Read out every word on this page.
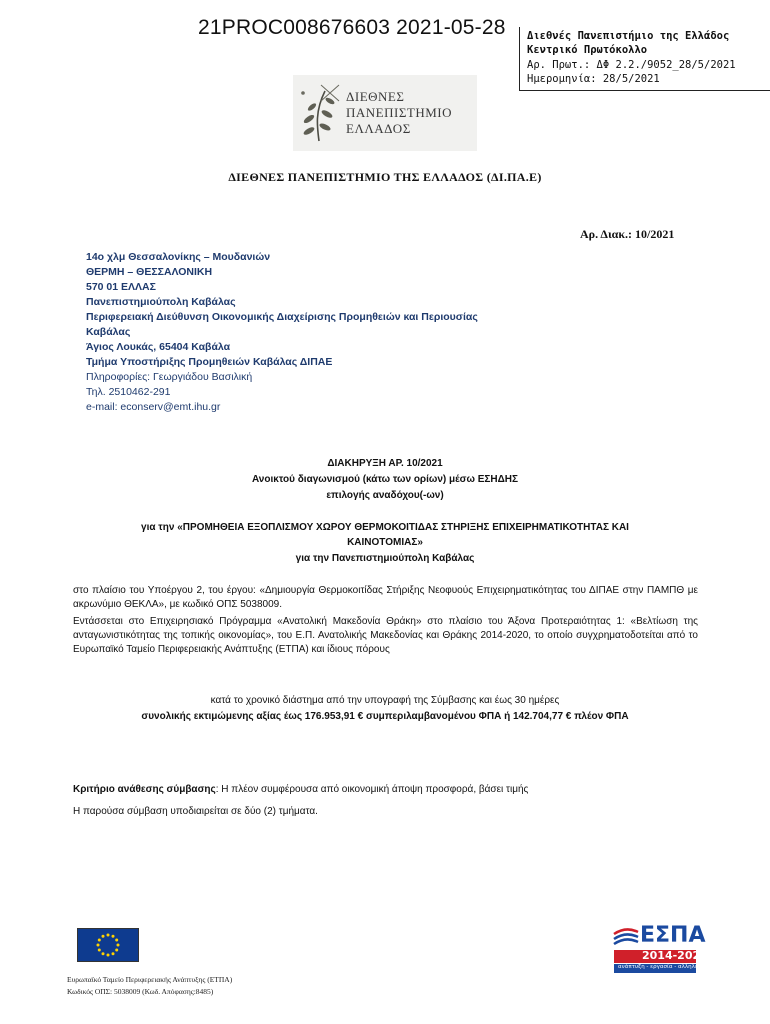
21PROC008676603 2021-05-28 Διεθνές Πανεπιστήμιο της Ελλάδος
Κεντρικό Πρωτόκολλο
Αρ. Πρωτ.: ΔΦ 2.2./9052_28/5/2021
Ημερομηνία: 28/5/2021
ΔΙΕΘΝΕΣ
ΠΑΝΕΠΙΣΤΗΜΙΟ
ΕΛΛΑΔΟΣ
ΔΙΕΘΝΕΣ ΠΑΝΕΠΙΣΤΗΜΙΟ ΤΗΣ ΕΛΛΑΔΟΣ (ΔΙ.ΠΑ.Ε)
Αρ. Διακ.: 10/2021
14ο χλμ Θεσσαλονίκης – Μουδανιών
ΘΕΡΜΗ – ΘΕΣΣΑΛΟΝΙΚΗ
570 01 ΕΛΛΑΣ
Πανεπιστημιούπολη Καβάλας
Περιφερειακή Διεύθυνση Οικονομικής Διαχείρισης Προμηθειών και Περιουσίας
Καβάλας
Άγιος Λουκάς, 65404 Καβάλα
Τμήμα Υποστήριξης Προμηθειών Καβάλας ΔΙΠΑΕ
Πληροφορίες: Γεωργιάδου Βασιλική
Τηλ. 2510462-291
e-mail: econserv@emt.ihu.gr
ΔΙΑΚΗΡΥΞΗ ΑΡ. 10/2021
Ανοικτού διαγωνισμού (κάτω των ορίων) μέσω ΕΣΗΔΗΣ
επιλογής αναδόχου(-ων)
για την «ΠΡΟΜΗΘΕΙΑ ΕΞΟΠΛΙΣΜΟΥ ΧΩΡΟΥ ΘΕΡΜΟΚΟΙΤΙΔΑΣ ΣΤΗΡΙΞΗΣ ΕΠΙΧΕΙΡΗΜΑΤΙΚΟΤΗΤΑΣ ΚΑΙ
ΚΑΙΝΟΤΟΜΙΑΣ»
για την Πανεπιστημιούπολη Καβάλας
στο πλαίσιο του Υποέργου 2, του έργου: «Δημιουργία Θερμοκοιτίδας Στήριξης Νεοφυούς Επιχειρηματικότητας του ΔΙΠΑΕ στην ΠΑΜΠΘ με ακρωνύμιο ΘΕΚΛΑ», με κωδικό ΟΠΣ 5038009.
Εντάσσεται στο Επιχειρησιακό Πρόγραμμα «Ανατολική Μακεδονία Θράκη» στο πλαίσιο του Άξονα Προτεραιότητας 1: «Βελτίωση της ανταγωνιστικότητας της τοπικής οικονομίας», του Ε.Π. Ανατολικής Μακεδονίας και Θράκης 2014-2020, το οποίο συγχρηματοδοτείται από το Ευρωπαϊκό Ταμείο Περιφερειακής Ανάπτυξης (ΕΤΠΑ) και ίδιους πόρους
κατά το χρονικό διάστημα από την υπογραφή της Σύμβασης και έως 30 ημέρες
συνολικής εκτιμώμενης αξίας έως 176.953,91 € συμπεριλαμβανομένου ΦΠΑ ή 142.704,77 € πλέον ΦΠΑ
Κριτήριο ανάθεσης σύμβασης: Η πλέον συμφέρουσα από οικονομική άποψη προσφορά, βάσει τιμής
Η παρούσα σύμβαση υποδιαιρείται σε δύο (2) τμήματα.
Ευρωπαϊκό Ταμείο Περιφερειακής Ανάπτυξης (ΕΤΠΑ)
Κωδικός ΟΠΣ: 5038009 (Κωδ. Απόφασης:8485)
ΕΣΠΑ
2014-2020
ανάπτυξη - εργασία - αλληλεγγύη
